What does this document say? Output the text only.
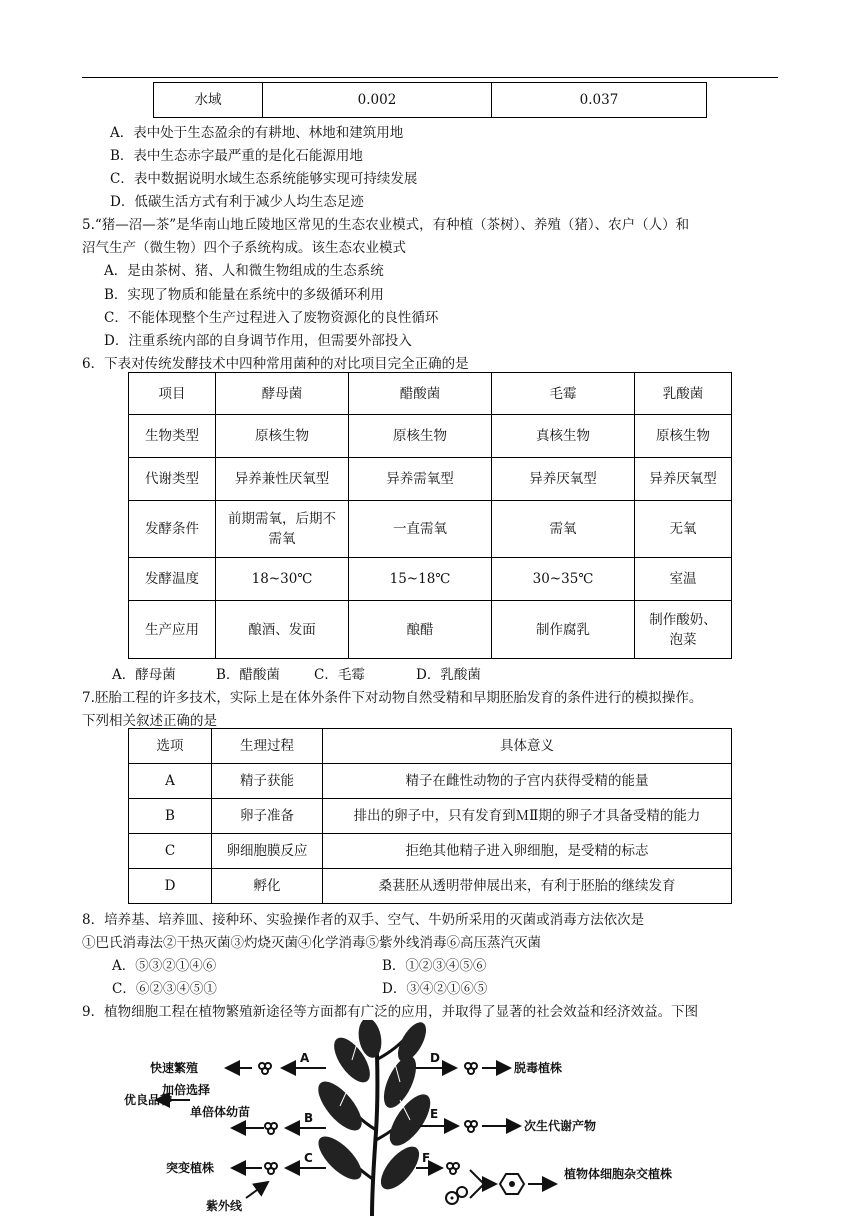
水域	0.002	0.037
A．表中处于生态盈余的有耕地、林地和建筑用地
B．表中生态赤字最严重的是化石能源用地
C．表中数据说明水域生态系统能够实现可持续发展
D．低碳生活方式有利于减少人均生态足迹
5.“猪—沼—茶”是华南山地丘陵地区常见的生态农业模式，有种植（茶树）、养殖（猪）、农户（人）和
沼气生产（微生物）四个子系统构成。该生态农业模式
A．是由茶树、猪、人和微生物组成的生态系统
B．实现了物质和能量在系统中的多级循环利用
C．不能体现整个生产过程进入了废物资源化的良性循环
D．注重系统内部的自身调节作用，但需要外部投入
6．下表对传统发酵技术中四种常用菌种的对比项目完全正确的是
项目	酵母菌	醋酸菌	毛霉	乳酸菌
生物类型	原核生物	原核生物	真核生物	原核生物
代谢类型	异养兼性厌氧型	异养需氧型	异养厌氧型	异养厌氧型
发酵条件	前期需氧，后期不需氧	一直需氧	需氧	无氧
发酵温度	18~30℃	15~18℃	30~35℃	室温
生产应用	酿酒、发面	酿醋	制作腐乳	制作酸奶、泡菜
A．酵母菌	B．醋酸菌	C．毛霉	D．乳酸菌
7.胚胎工程的许多技术，实际上是在体外条件下对动物自然受精和早期胚胎发育的条件进行的模拟操作。
下列相关叙述正确的是
选项	生理过程	具体意义
A	精子获能	精子在雌性动物的子宫内获得受精的能量
B	卵子准备	排出的卵子中，只有发育到ＭⅡ期的卵子才具备受精的能力
C	卵细胞膜反应	拒绝其他精子进入卵细胞，是受精的标志
D	孵化	桑葚胚从透明带伸展出来，有利于胚胎的继续发育
8．培养基、培养皿、接种环、实验操作者的双手、空气、牛奶所采用的灭菌或消毒方法依次是
①巴氏消毒法②干热灭菌③灼烧灭菌④化学消毒⑤紫外线消毒⑥高压蒸汽灭菌
A．⑤③②①④⑥	B．①②③④⑤⑥
C．⑥②③④⑤①	D．③④②①⑥⑤
9．植物细胞工程在植物繁殖新途径等方面都有广泛的应用，并取得了显著的社会效益和经济效益。下图
快速繁殖
A
优良品种
加倍选择
单倍体幼苗	B
突变植株
C
紫外线
D
脱毒植株
E
次生代谢产物
F
植物体细胞杂交植株
